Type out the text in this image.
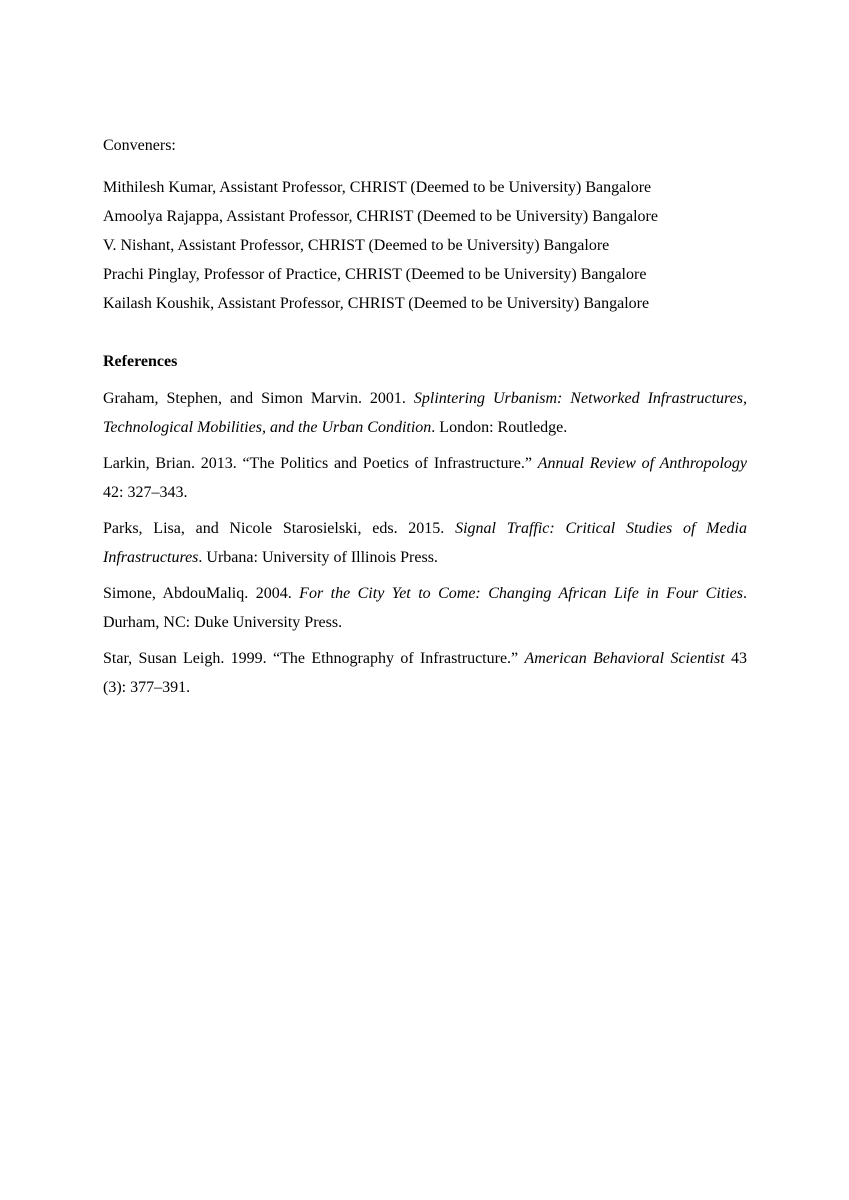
Conveners:

Mithilesh Kumar, Assistant Professor, CHRIST (Deemed to be University) Bangalore
Amoolya Rajappa, Assistant Professor, CHRIST (Deemed to be University) Bangalore
V. Nishant, Assistant Professor, CHRIST (Deemed to be University) Bangalore
Prachi Pinglay, Professor of Practice, CHRIST (Deemed to be University) Bangalore
Kailash Koushik, Assistant Professor, CHRIST (Deemed to be University) Bangalore

References

Graham, Stephen, and Simon Marvin. 2001. Splintering Urbanism: Networked Infrastructures, Technological Mobilities, and the Urban Condition. London: Routledge.
Larkin, Brian. 2013. “The Politics and Poetics of Infrastructure.” Annual Review of Anthropology 42: 327–343.
Parks, Lisa, and Nicole Starosielski, eds. 2015. Signal Traffic: Critical Studies of Media Infrastructures. Urbana: University of Illinois Press.
Simone, AbdouMaliq. 2004. For the City Yet to Come: Changing African Life in Four Cities. Durham, NC: Duke University Press.
Star, Susan Leigh. 1999. “The Ethnography of Infrastructure.” American Behavioral Scientist 43 (3): 377–391.
